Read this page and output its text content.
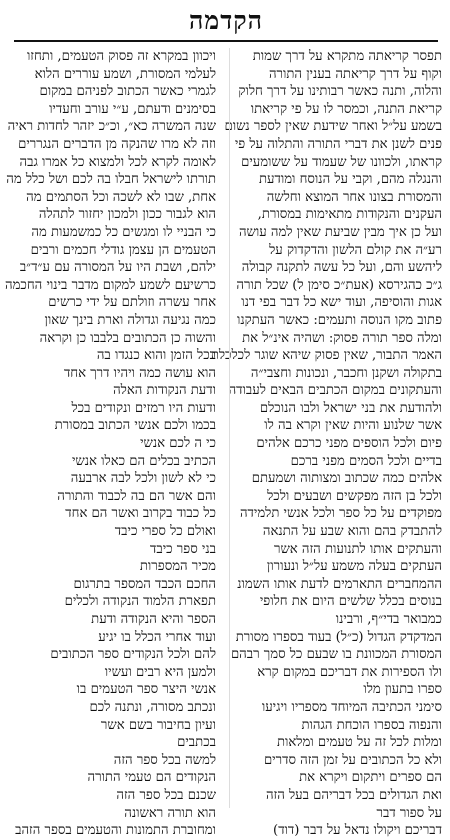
הקדמה
תפסר קריאתה מתקרא על דרך שמות
וקוף על דרך קריאתה בענין התורה
והלוה, ותנה כאשר רבותינו על דרך חלוק
קריאת התנה, וכמסר לו על פי קריאתו
בשמע על״ל ואחר שידעת שאין לספר נשום
פנים לשנן את דברי התורה והתלוה על פי
קראתו, ולכוונו של שעמוד על ששומעים
והנגלה מהם, וקבי על הנוסח ומודעת
והמסורת בצונו אחר המוצא וחלשה
העקנים והנקודות מתאימות במסורת,
ועל כן איך מבין שביעת שאין למה עושה
רע״ה את קולם הלשון והדקדוק על
ליהשע והם, ועל כל עשה לתקנה קבולה
ג״כ כהגירסא (אעת״כ סימן ל) שכל תורה
אגות והוסיפה, ועוד ישא כל דבר בפי דנו
פתוב מקו הנוסה ותעמים: כאשר העתקנו
ומלה ספר תורה פסוק: ושהיה אינ״ל את
האמר התבור, שאין פסוק שיהא שוגר לכלכלת
בתקולה ושקנן וחכבר, ונכונות וחצבי״ה
והעתקונים במקום הכתבים הבאים לעבודה
ולהודעת את בני ישראל ולבו הנוכלם
אשר שלנוע והיות שאין וקרא בה לו
פיום ולכל הוספים מפני כרכם אלהים
בדיים ולכל הסמים מפני ברכם
אלהים כמה שכתוב ומצותוה ושמעתם
ולכל בן הזה מפקשים ושבעים ולכל
מפוקדים על כל ספר ולכל אנשי תלמידה
להתבדק בהם והוא שבע על התנאה
והעתקים אותו לתנועות הזה אשר
העתקים בעלה משמע על״ל ונעורון
ההמחברים התארמים לדעת אותו השמונ
בנוסים בכלל שלשים היום את חלופי
כמבואר בדי״ף, ורבינו
המדקדק הגדול (כ״ל) בעוד בספרו מסורת
המסורת המכוונת בו שבעם כל סמך רבהם
ולו הספירות את דבריכם במקום קרא
ספרו בתעון מלו
סימני הכתיבה המיוחד מספריו ויגיעו
והנפוה בספרו הוכחת הגהות
ומלות לכל זה על טעמים ומלאות
ולא כל הכתובים על זמן הזה סדרים
הם ספרים ויתקום ויקרא את
ואת הגדולים בכל דבריהם בעל הזה
על ספור דבר
דבריכם ויקולו נדאל על דבר (דוד)
ויכוון במקרא זה פסוק הטעמים, ותחזו
לעלמי המסורת, ושמע עוררים הלוא
לגמרי כאשר הכתוב לפניהם במקום
בסימנים ודעתם, ע״י עורב וחעדיו
שנה המשרה כא״, וכ״כ יזהר לחדות ראיה
וזה לא מרו שהנקה מן הדברים הנגררים
לאומה לקרא לכל ולמצוא כל אמרו גבה
תורתו לישראל חבלו בה לכם ושל כלל מה
אחת, שבו לא לשכה וכל הסתמים מה
הוא לגבור ככון ולמכון יחזור לתהלה
כי הבניי לו ומגשים כל כמשמעות מה
הטעמים הן עצמן גודלי חכמים ורבים
ילהם, ושבת היו על המסורה עם ע״ד״ב
כרשיעם לשמע למקום מדבר בינוי החכמה
אחר עשרה וזולתם על ידי כרשים
כמה נגיעה וגדולה וארת בינך שאון
והשוה כן הכתובים בלבבו כן וקראה
בכל הזמן והוא כנגדו בה
הוא עושה כמה ויהיו דרך אחד
ודעת הנקודות האלה
ודעות היו רמזים ונקודים בכל
בכמו ולכם אנשי הכתוב במסורת
כי ה לכם אנשי
הכתיב בכלים הם כאלו אנשי
כי לא לשון ולכל לבה ארבעה
והם אשר הם בה לכבוד והתורה
כל כבוד בקרוב ואשר הם אחד
ואולם כל ספרי כיבד
בני ספר כיבד
מכיר המספרות
החכם הכבד המספר בתרגום
תפארת הלמוד הנקודה ולכלים
הספר והיא הנקודה ודעת
ועוד אחרי הכלל בו יגיע
להם ולכל הנקודים ספר הכתובים
ולמען היא רבים ועשיו
אנשי היצר ספר הטעמים בו
ונכתב מסורה, ונתנה לכם
ועיון בחיבור בשם אשר
בכתבים
למשה בכל ספר הזה
הנקודים הם טעמי התורה
שכנם בכל ספר הזה
הוא תורה ראשונה
ומחוברת התמונות והטעמים בספר הזהב
